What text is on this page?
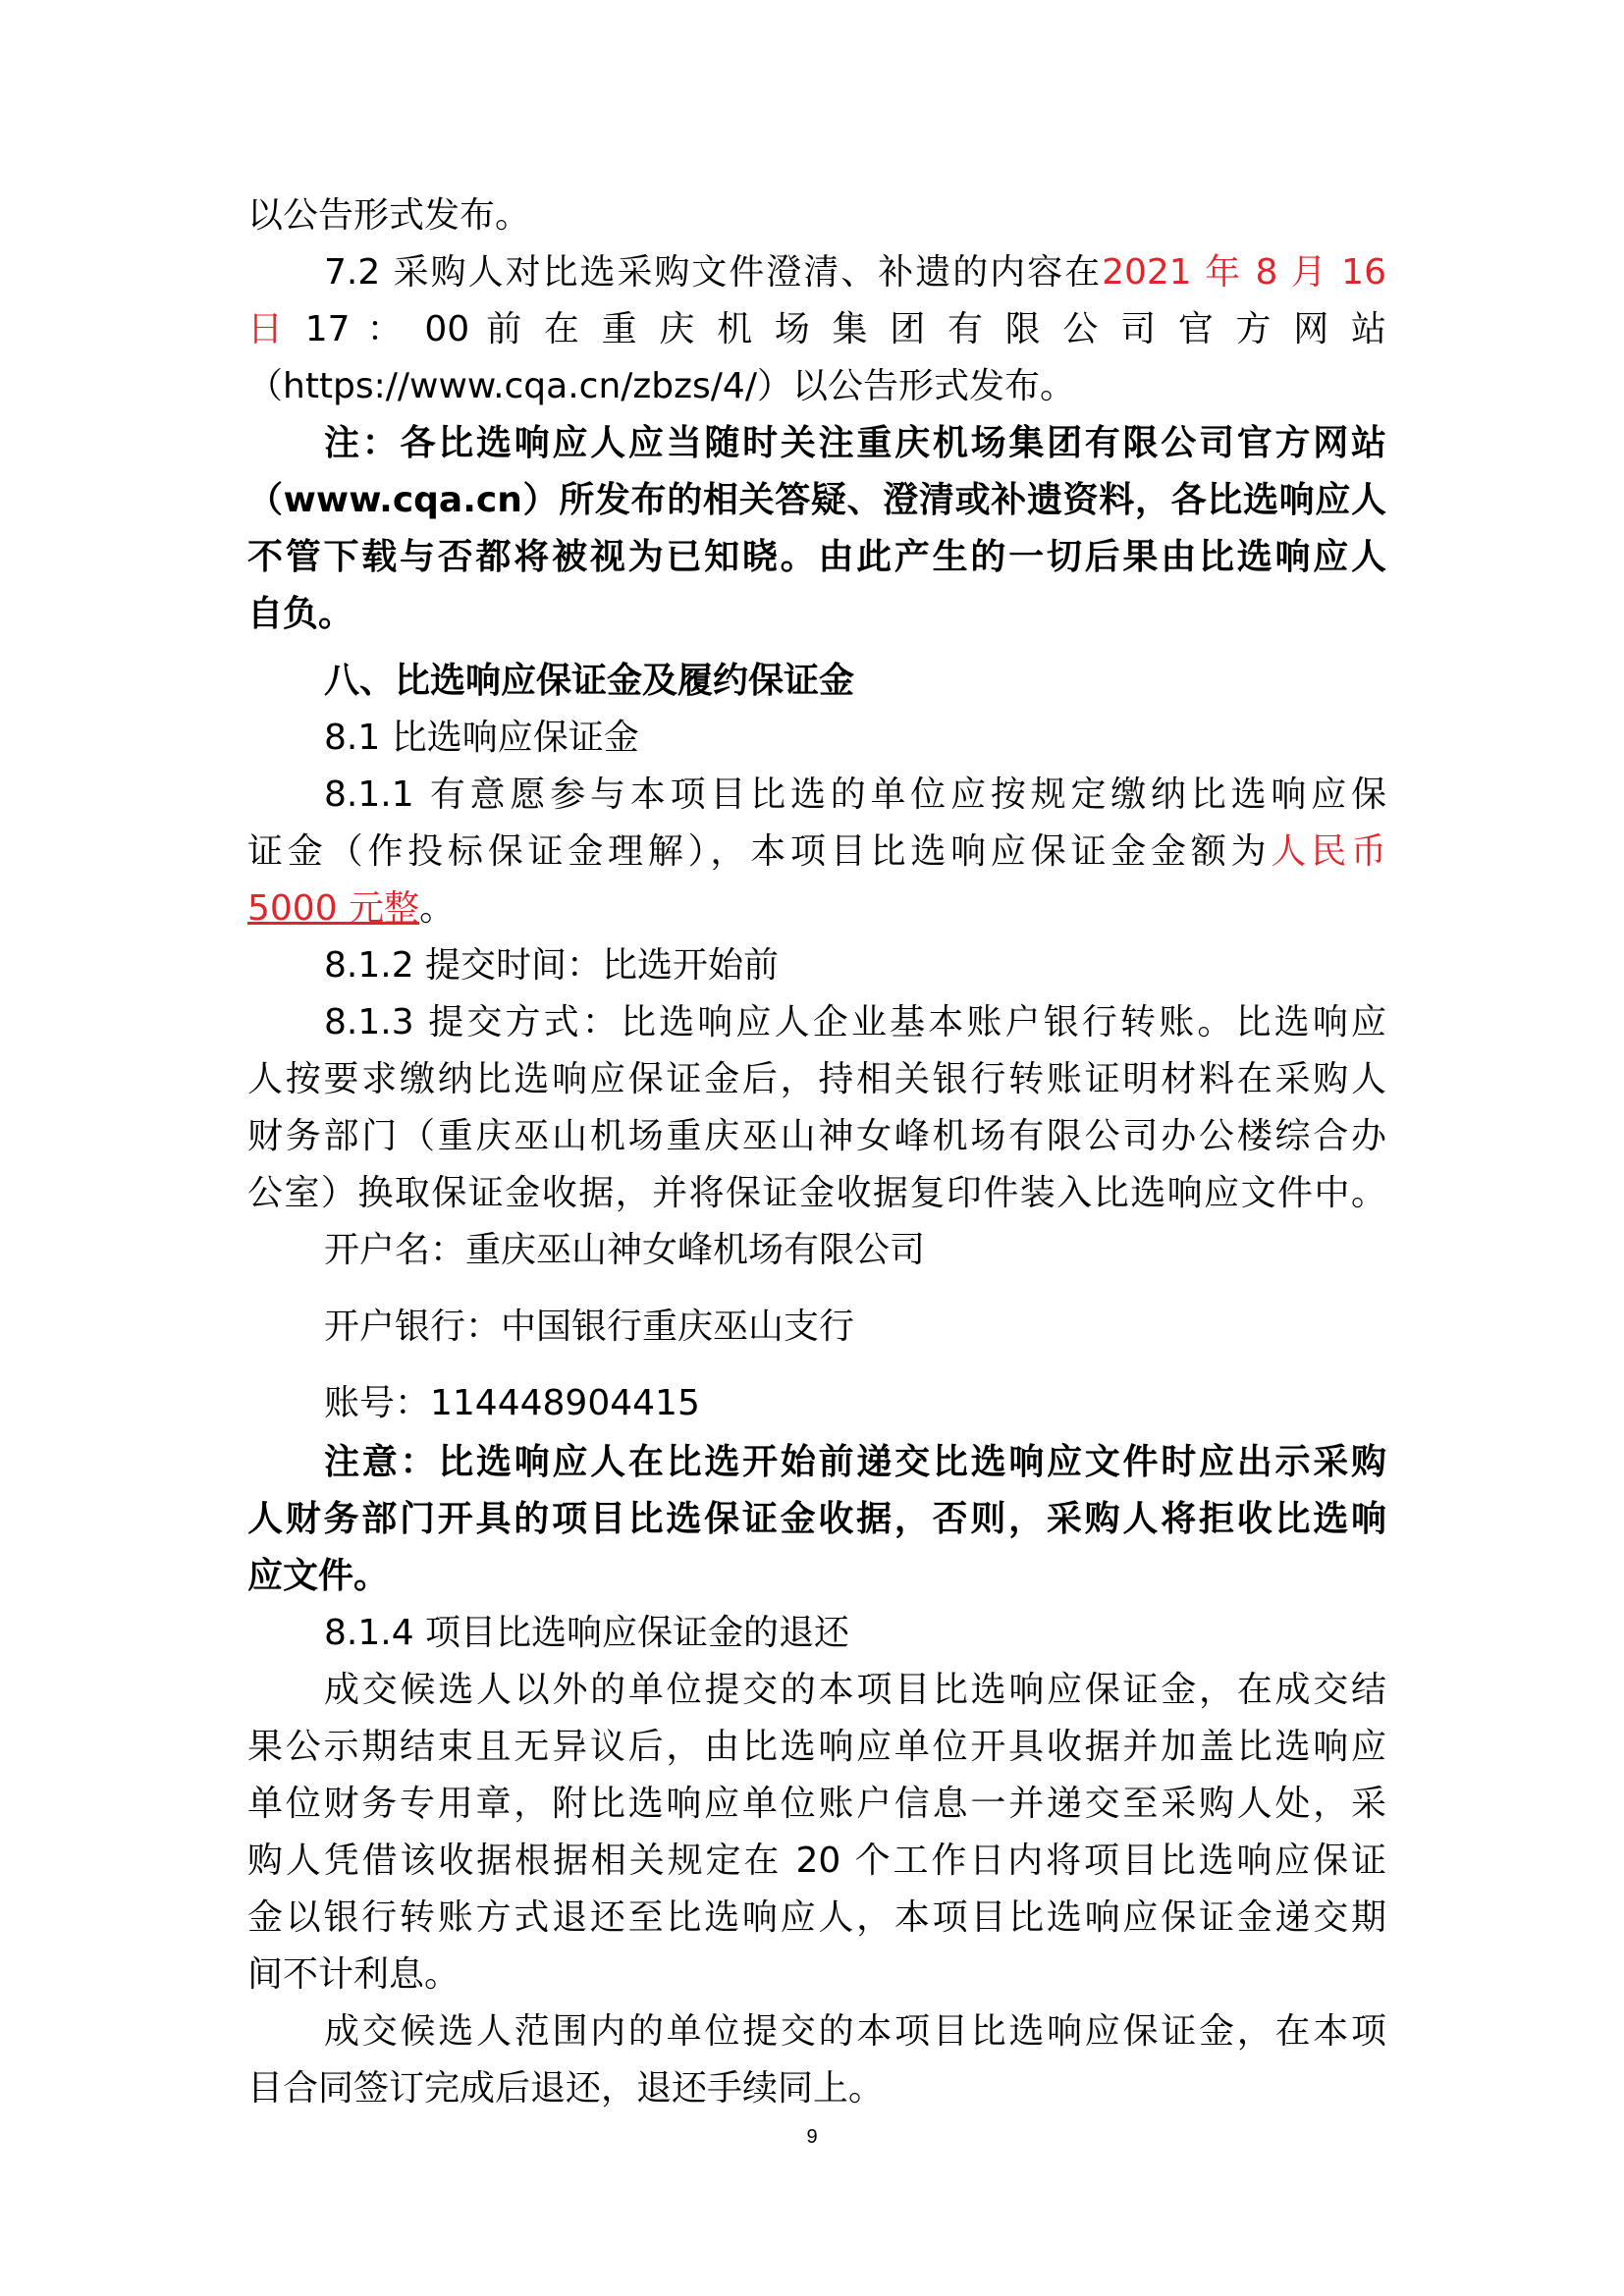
以公告形式发布。
7.2 采购人对比选采购文件澄清、补遗的内容在2021 年 8 月 16
日 17 ： 00 前 在 重 庆 机 场 集 团 有 限 公 司 官 方 网 站
（https://www.cqa.cn/zbzs/4/）以公告形式发布。
注：各比选响应人应当随时关注重庆机场集团有限公司官方网站
（www.cqa.cn）所发布的相关答疑、澄清或补遗资料，各比选响应人
不管下载与否都将被视为已知晓。由此产生的一切后果由比选响应人
自负。
八、比选响应保证金及履约保证金
8.1 比选响应保证金
8.1.1 有意愿参与本项目比选的单位应按规定缴纳比选响应保
证金（作投标保证金理解），本项目比选响应保证金金额为人民币
5000 元整。
8.1.2 提交时间：比选开始前
8.1.3 提交方式：比选响应人企业基本账户银行转账。比选响应
人按要求缴纳比选响应保证金后，持相关银行转账证明材料在采购人
财务部门（重庆巫山机场重庆巫山神女峰机场有限公司办公楼综合办
公室）换取保证金收据，并将保证金收据复印件装入比选响应文件中。
开户名：重庆巫山神女峰机场有限公司
开户银行：中国银行重庆巫山支行
账号：114448904415
注意：比选响应人在比选开始前递交比选响应文件时应出示采购
人财务部门开具的项目比选保证金收据，否则，采购人将拒收比选响
应文件。
8.1.4 项目比选响应保证金的退还
成交候选人以外的单位提交的本项目比选响应保证金，在成交结
果公示期结束且无异议后，由比选响应单位开具收据并加盖比选响应
单位财务专用章，附比选响应单位账户信息一并递交至采购人处，采
购人凭借该收据根据相关规定在 20 个工作日内将项目比选响应保证
金以银行转账方式退还至比选响应人，本项目比选响应保证金递交期
间不计利息。
成交候选人范围内的单位提交的本项目比选响应保证金，在本项
目合同签订完成后退还，退还手续同上。
9
